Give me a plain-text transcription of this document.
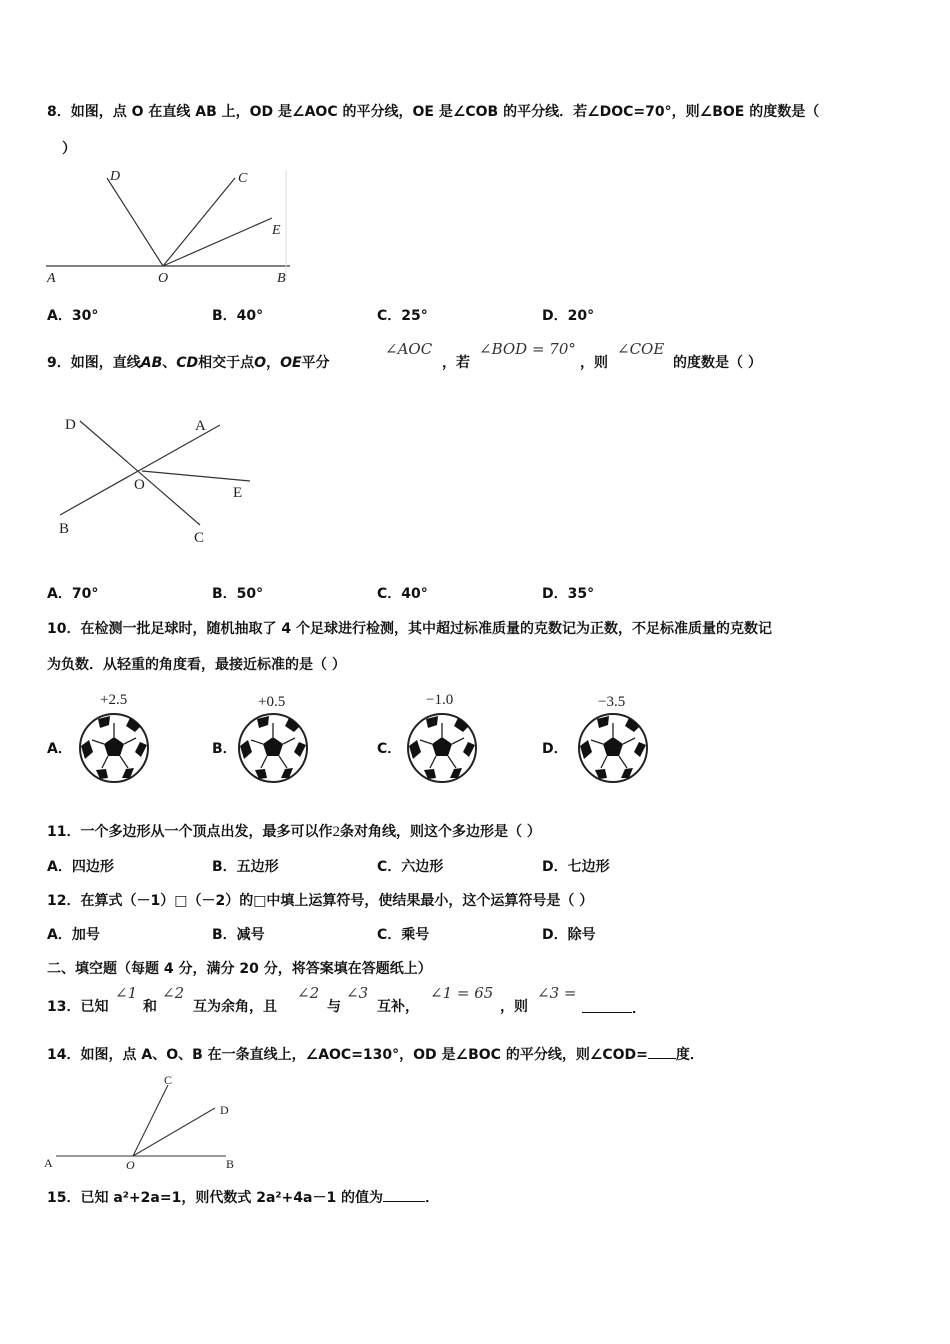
8．如图，点 O 在直线 AB 上，OD 是∠AOC 的平分线，OE 是∠COB 的平分线．若∠DOC=70°，则∠BOE 的度数是（
）
D	C
E
A	O	B
A．30°	B．40°	C．25°	D．20°
9．如图，直线AB、CD相交于点O，OE平分
∠AOC
，若
∠BOD = 70°
，则
∠COE
的度数是（ ）
D	A
O	E
B
C
A．70°	B．50°	C．40°	D．35°
10．在检测一批足球时，随机抽取了 4 个足球进行检测，其中超过标准质量的克数记为正数，不足标准质量的克数记
为负数．从轻重的角度看，最接近标准的是（ ）
A．
+2.5
B．
+0.5
C．
−1.0
D．
−3.5
11．一个多边形从一个顶点出发，最多可以作2条对角线，则这个多边形是（ ）
A．四边形	B．五边形	C．六边形	D．七边形
12．在算式（－1）□（－2）的□中填上运算符号，使结果最小，这个运算符号是（ ）
A．加号	B．减号	C．乘号	D．除号
二、填空题（每题 4 分，满分 20 分，将答案填在答题纸上）
13．已知
∠1
和
∠2
互为余角，且
∠2
与
∠3
互补，
∠1 = 65
，则
∠3 =
．
14．如图，点 A、O、B 在一条直线上，∠AOC=130°，OD 是∠BOC 的平分线，则∠COD= 度．
C
D
A	O	B
15．已知 a²+2a=1，则代数式 2a²+4a－1 的值为	．
